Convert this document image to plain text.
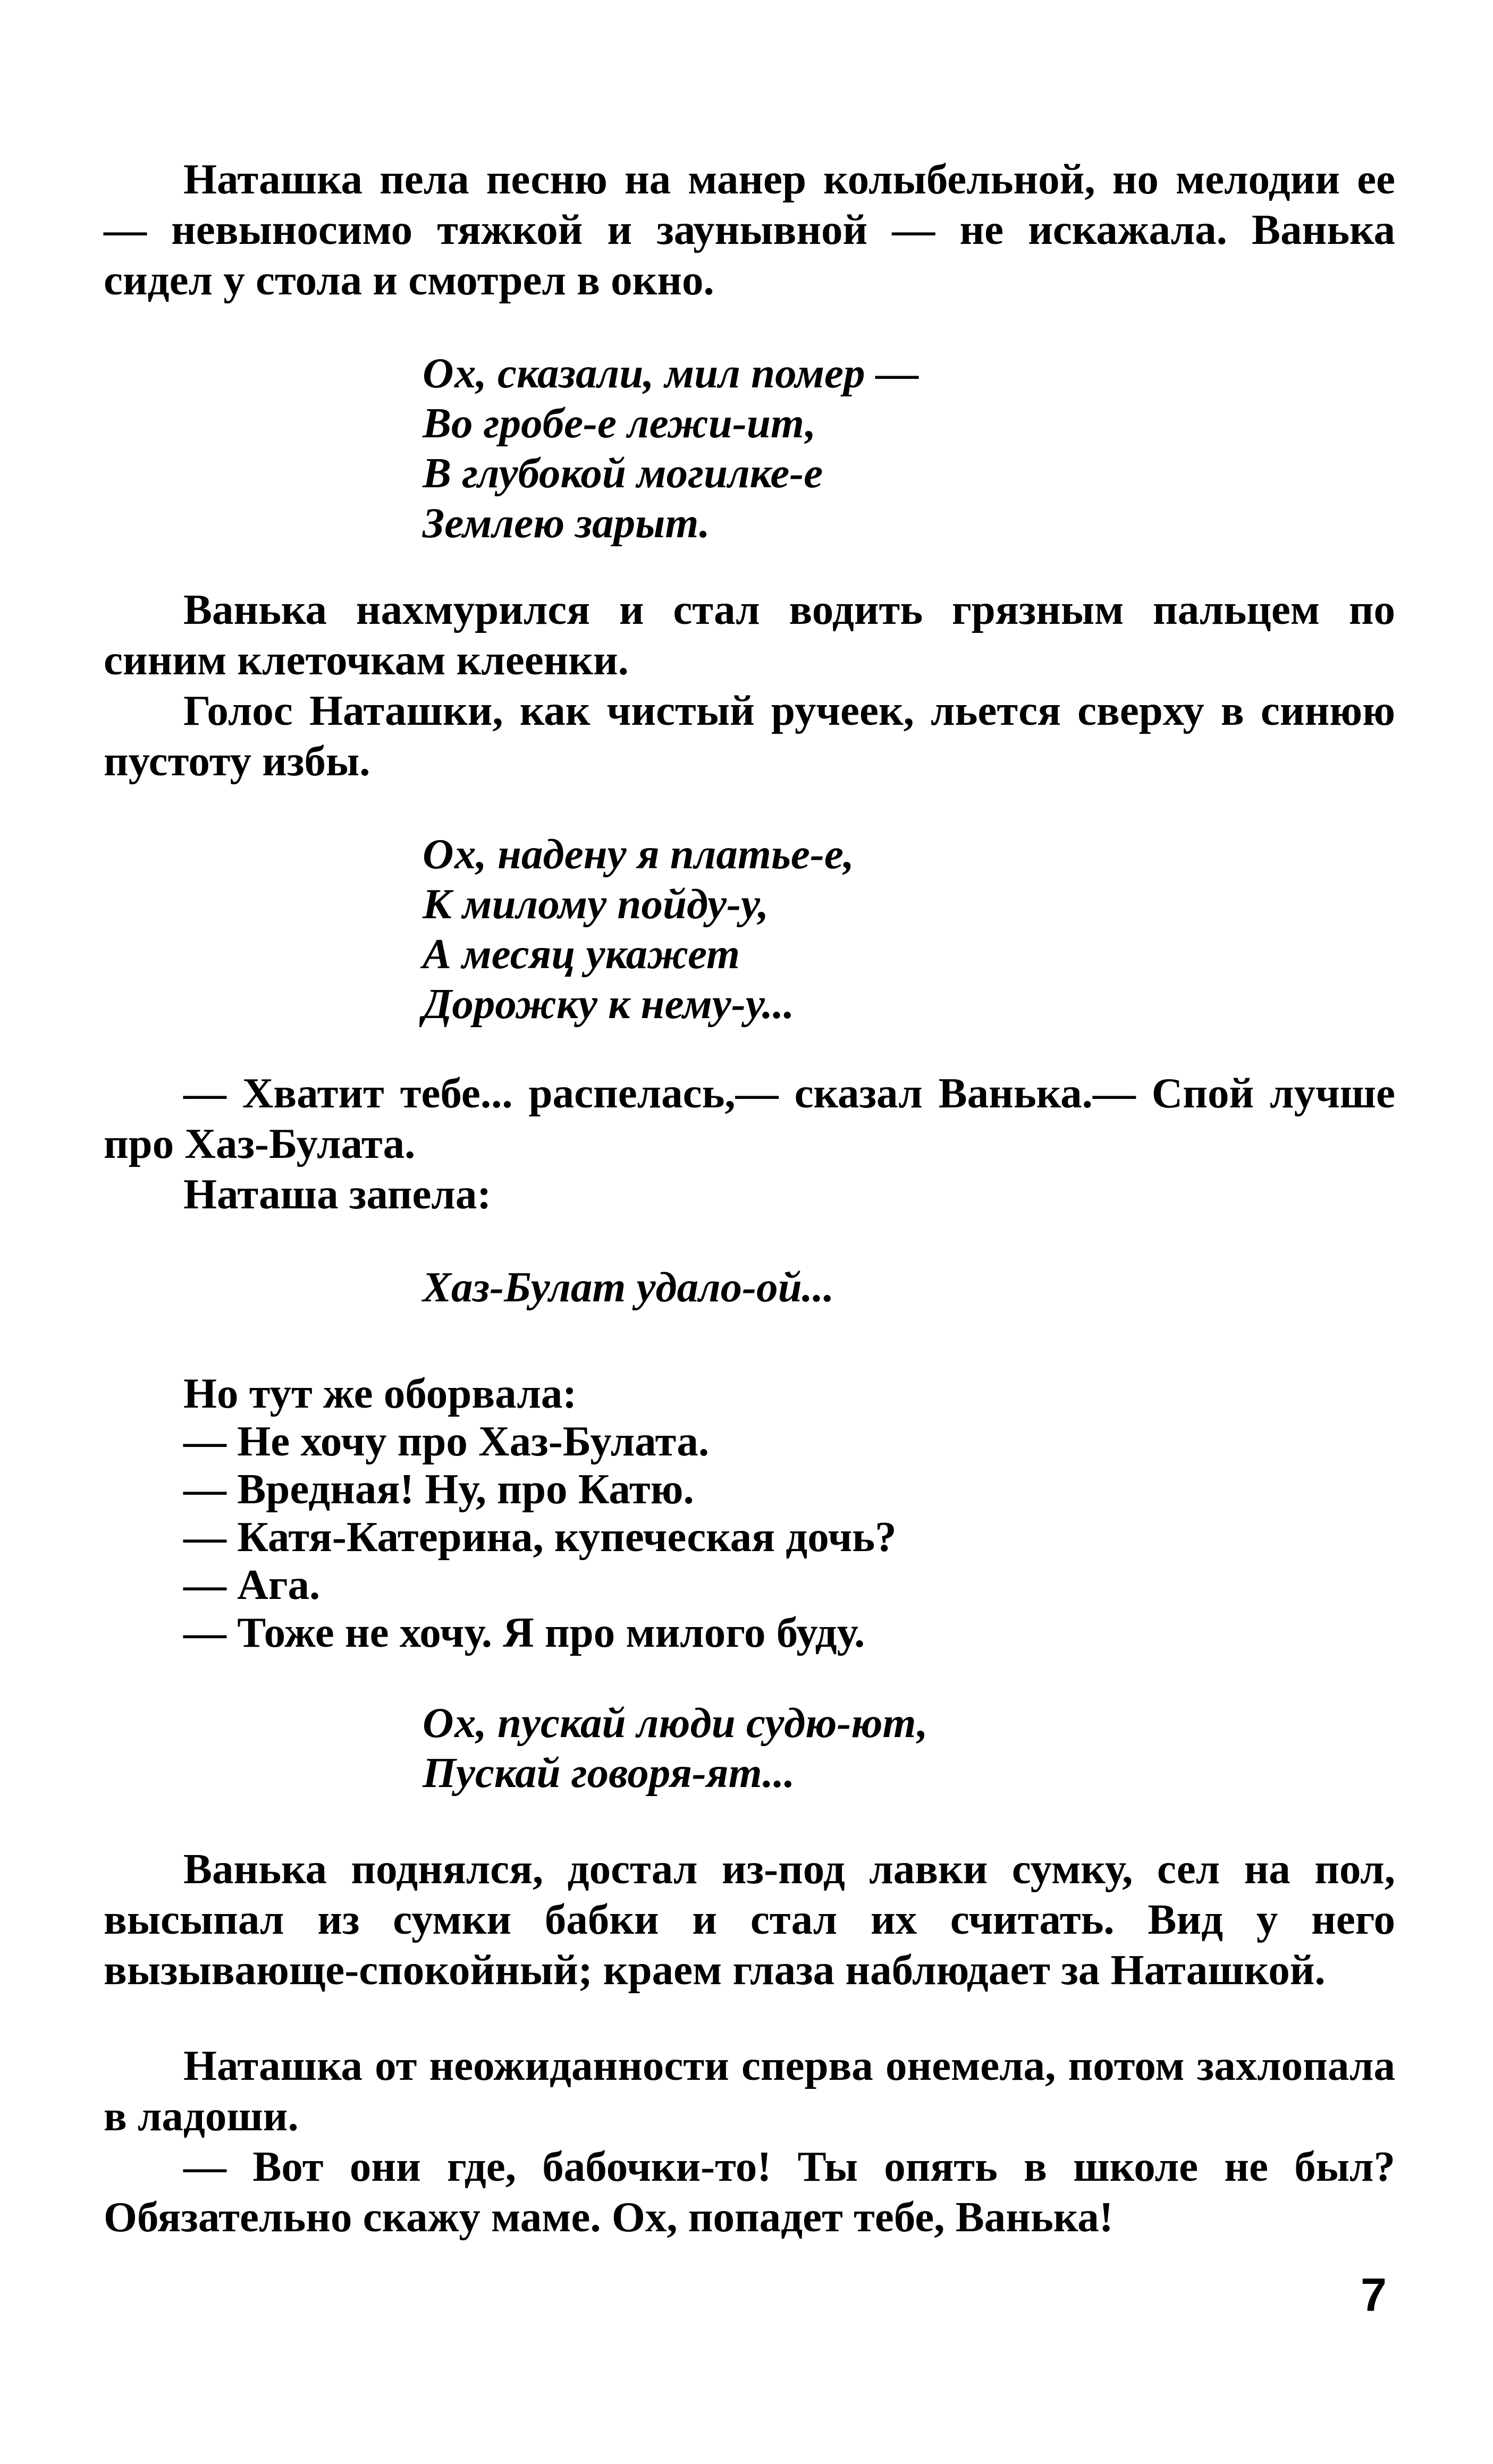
Наташка пела песню на манер колыбельной, но мелодии ее — невыносимо тяжкой и заунывной — не искажала. Ванька сидел у стола и смотрел в окно.

Ох, сказали, мил помер —
Во гробе-е лежи-ит,
В глубокой могилке-е
Землею зарыт.

Ванька нахмурился и стал водить грязным пальцем по синим клеточкам клеенки.

Голос Наташки, как чистый ручеек, льется сверху в синюю пустоту избы.

Ох, надену я платье-е,
К милому пойду-у,
А месяц укажет
Дорожку к нему-у...

— Хватит тебе... распелась,— сказал Ванька.— Спой лучше про Хаз-Булата.

Наташа запела:

Хаз-Булат удало-ой...

Но тут же оборвала:

— Не хочу про Хаз-Булата.

— Вредная! Ну, про Катю.

— Катя-Катерина, купеческая дочь?

— Ага.

— Тоже не хочу. Я про милого буду.

Ох, пускай люди судю-ют,
Пускай говоря-ят...

Ванька поднялся, достал из-под лавки сумку, сел на пол, высыпал из сумки бабки и стал их считать. Вид у него вызывающе-спокойный; краем глаза наблюдает за Наташкой.

Наташка от неожиданности сперва онемела, потом захлопала в ладоши.

— Вот они где, бабочки-то! Ты опять в школе не был? Обязательно скажу маме. Ох, попадет тебе, Ванька!

7
